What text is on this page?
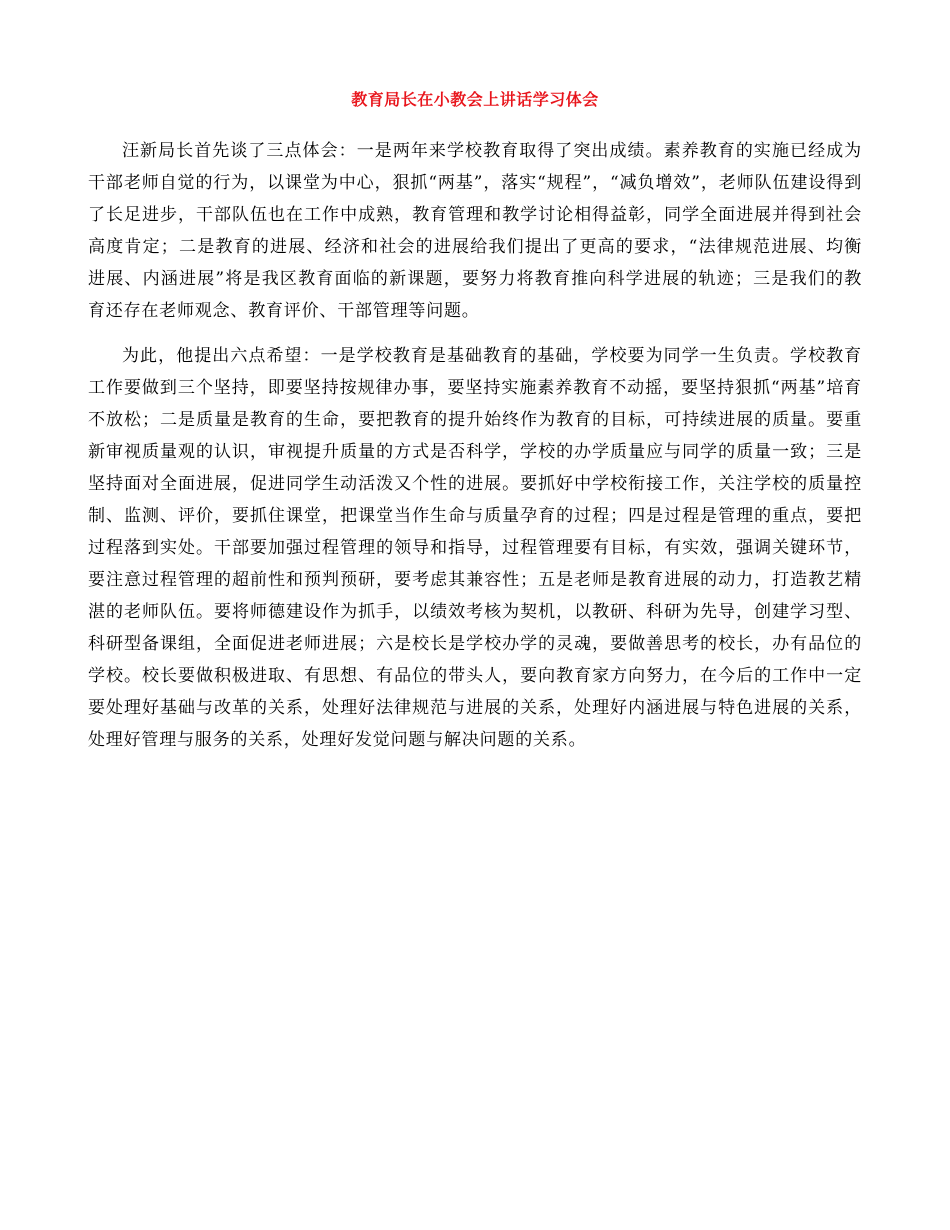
教育局长在小教会上讲话学习体会

汪新局长首先谈了三点体会：一是两年来学校教育取得了突出成绩。素养教育的实施已经成为干部老师自觉的行为，以课堂为中心，狠抓“两基”，落实“规程”，“减负增效”，老师队伍建设得到了长足进步，干部队伍也在工作中成熟，教育管理和教学讨论相得益彰，同学全面进展并得到社会高度肯定；二是教育的进展、经济和社会的进展给我们提出了更高的要求，“法律规范进展、均衡进展、内涵进展”将是我区教育面临的新课题，要努力将教育推向科学进展的轨迹；三是我们的教育还存在老师观念、教育评价、干部管理等问题。

为此，他提出六点希望：一是学校教育是基础教育的基础，学校要为同学一生负责。学校教育工作要做到三个坚持，即要坚持按规律办事，要坚持实施素养教育不动摇，要坚持狠抓“两基”培育不放松；二是质量是教育的生命，要把教育的提升始终作为教育的目标，可持续进展的质量。要重新审视质量观的认识，审视提升质量的方式是否科学，学校的办学质量应与同学的质量一致；三是坚持面对全面进展，促进同学生动活泼又个性的进展。要抓好中学校衔接工作，关注学校的质量控制、监测、评价，要抓住课堂，把课堂当作生命与质量孕育的过程；四是过程是管理的重点，要把过程落到实处。干部要加强过程管理的领导和指导，过程管理要有目标，有实效，强调关键环节，要注意过程管理的超前性和预判预研，要考虑其兼容性；五是老师是教育进展的动力，打造教艺精湛的老师队伍。要将师德建设作为抓手，以绩效考核为契机，以教研、科研为先导，创建学习型、科研型备课组，全面促进老师进展；六是校长是学校办学的灵魂，要做善思考的校长，办有品位的学校。校长要做积极进取、有思想、有品位的带头人，要向教育家方向努力，在今后的工作中一定要处理好基础与改革的关系，处理好法律规范与进展的关系，处理好内涵进展与特色进展的关系，处理好管理与服务的关系，处理好发觉问题与解决问题的关系。
